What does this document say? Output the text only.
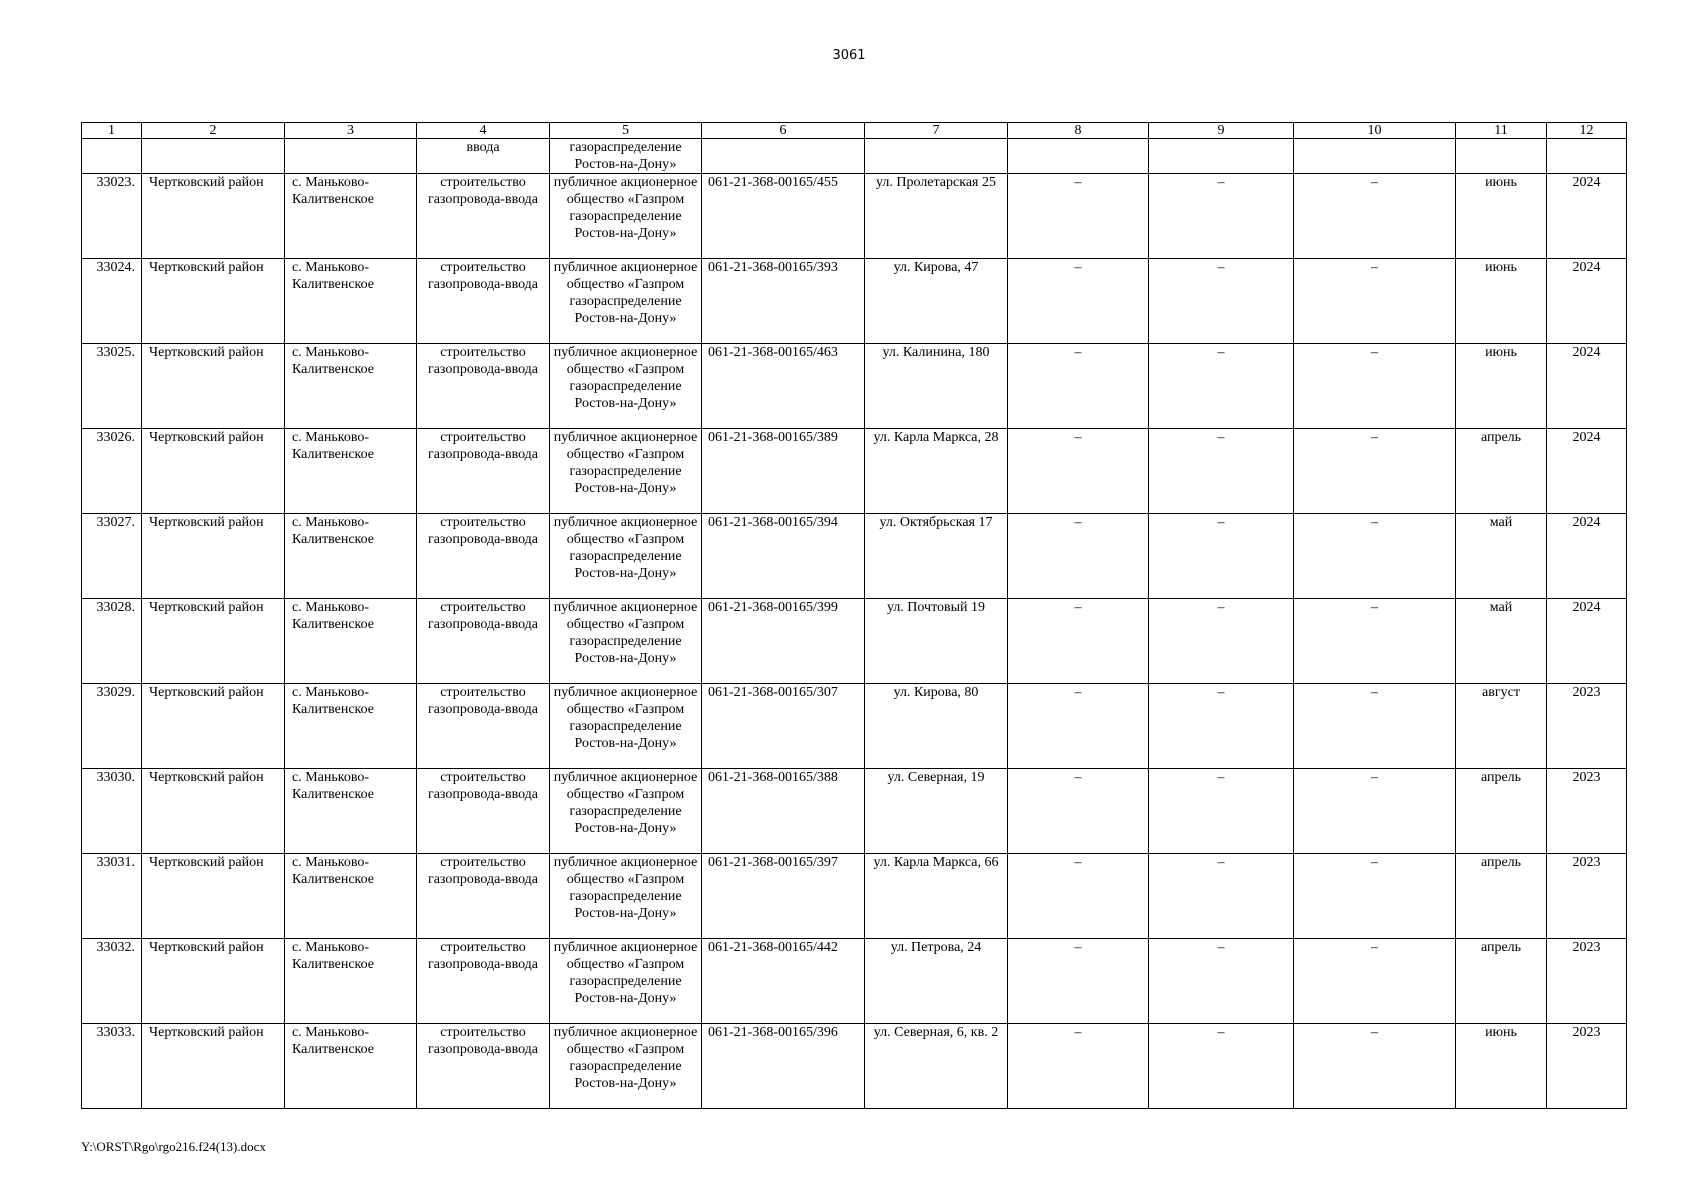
3061
1	2	3	4	5	6	7	8	9	10	11	12
			ввода	газораспределение Ростов-на-Дону»							
33023.	Чертковский район	с. Маньково-Калитвенское	строительство газопровода-ввода	публичное акционерное общество «Газпром газораспределение Ростов-на-Дону»	061-21-368-00165/455	ул. Пролетарская 25	–	–	–	июнь	2024
33024.	Чертковский район	с. Маньково-Калитвенское	строительство газопровода-ввода	публичное акционерное общество «Газпром газораспределение Ростов-на-Дону»	061-21-368-00165/393	ул. Кирова, 47	–	–	–	июнь	2024
33025.	Чертковский район	с. Маньково-Калитвенское	строительство газопровода-ввода	публичное акционерное общество «Газпром газораспределение Ростов-на-Дону»	061-21-368-00165/463	ул. Калинина, 180	–	–	–	июнь	2024
33026.	Чертковский район	с. Маньково-Калитвенское	строительство газопровода-ввода	публичное акционерное общество «Газпром газораспределение Ростов-на-Дону»	061-21-368-00165/389	ул. Карла Маркса, 28	–	–	–	апрель	2024
33027.	Чертковский район	с. Маньково-Калитвенское	строительство газопровода-ввода	публичное акционерное общество «Газпром газораспределение Ростов-на-Дону»	061-21-368-00165/394	ул. Октябрьская 17	–	–	–	май	2024
33028.	Чертковский район	с. Маньково-Калитвенское	строительство газопровода-ввода	публичное акционерное общество «Газпром газораспределение Ростов-на-Дону»	061-21-368-00165/399	ул. Почтовый 19	–	–	–	май	2024
33029.	Чертковский район	с. Маньково-Калитвенское	строительство газопровода-ввода	публичное акционерное общество «Газпром газораспределение Ростов-на-Дону»	061-21-368-00165/307	ул. Кирова, 80	–	–	–	август	2023
33030.	Чертковский район	с. Маньково-Калитвенское	строительство газопровода-ввода	публичное акционерное общество «Газпром газораспределение Ростов-на-Дону»	061-21-368-00165/388	ул. Северная, 19	–	–	–	апрель	2023
33031.	Чертковский район	с. Маньково-Калитвенское	строительство газопровода-ввода	публичное акционерное общество «Газпром газораспределение Ростов-на-Дону»	061-21-368-00165/397	ул. Карла Маркса, 66	–	–	–	апрель	2023
33032.	Чертковский район	с. Маньково-Калитвенское	строительство газопровода-ввода	публичное акционерное общество «Газпром газораспределение Ростов-на-Дону»	061-21-368-00165/442	ул. Петрова, 24	–	–	–	апрель	2023
33033.	Чертковский район	с. Маньково-Калитвенское	строительство газопровода-ввода	публичное акционерное общество «Газпром газораспределение Ростов-на-Дону»	061-21-368-00165/396	ул. Северная, 6, кв. 2	–	–	–	июнь	2023
Y:\ORST\Rgo\rgo216.f24(13).docx
